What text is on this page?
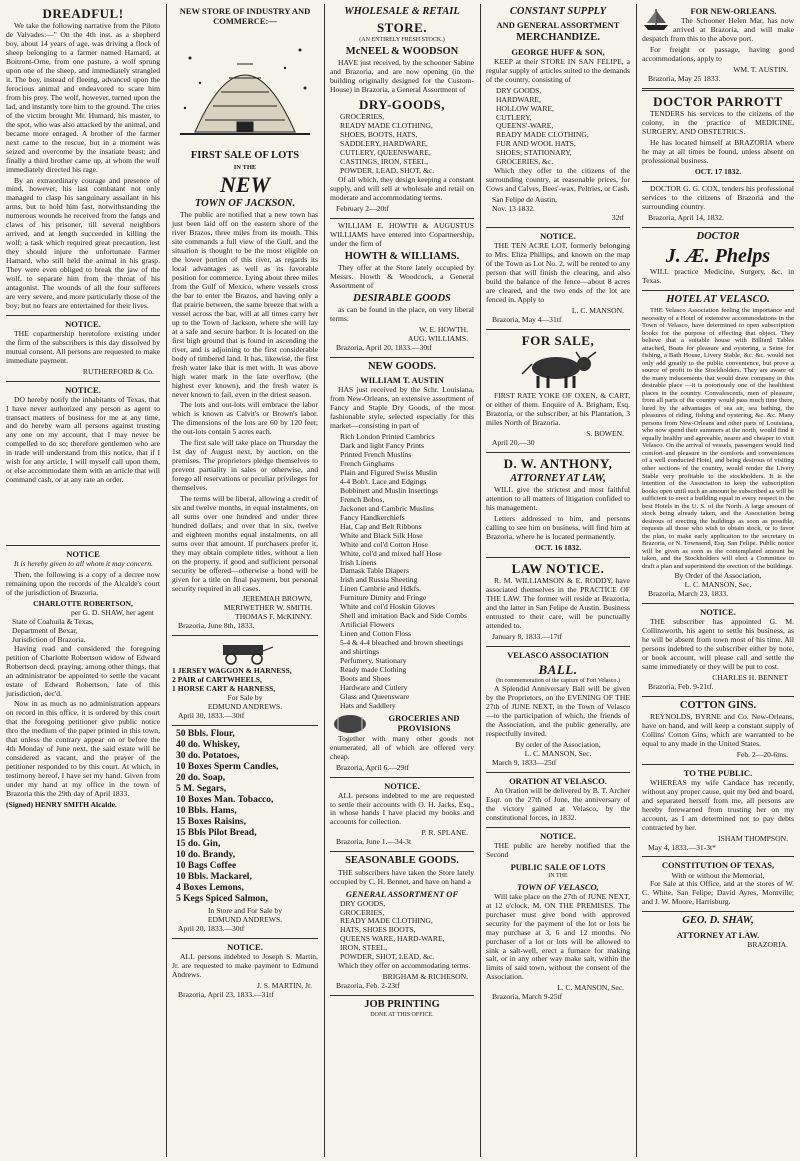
DREADFUL!

We take the following narrative from the Piloto de Valvades:—" On the 4th inst. as a shepherd boy, about 14 years of age, was driving a flock of sheep belonging to a farmer named Hamard, at Boitront-Orne, from one pasture, a wolf sprung upon one of the sheep, and immediately strangled it. The boy, instead of fleeing, advanced upon the ferocious animal and endeavored to scare him from his prey. The wolf, however, turned upon the lad, and instantly tore him to the ground. The cries of the victim brought Mr. Humard, his master, to the spot, who was also attacked by the animal, and became more enraged. A brother of the farmer next came to the rescue, but in a moment was seized and overcome by the insatiate beast; and finally a third brother came up, at whom the wolf immediately directed his rage.

By an extraordinary courage and presence of mind, however, his last combatant not only managed to clasp his sanguinary assailant in his arms, but to hold him fast, notwithstanding the numerous wounds he received from the fangs and claws of his prisoner, till several neighbors arrived, and at length succeeded in killing the wolf; a task which required great precaution, lest they should injure the unfortunate Farmer Hamard, who still held the animal in his grasp. They were even obliged to break the jaw of the wolf, to separate him from the throat of his antagonist. The wounds of all the four sufferers are very severe, and more particularly those of the boy; but no fears are entertained for their lives.

NOTICE.

THE copartnership heretofore existing under the firm of the subscribers is this day dissolved by mutual consent. All persons are requested to make immediate payment.

RUTHERFORD & Co.
NOTICE.

DO hereby notify the inhabitants of Texas, that I have never authorized any person as agent to transact matters of business for me at any time, and do hereby warn all persons against trusting any one on my account, that I may never be compelled to do so; therefore gentlemen who are in trade will understand from this notice, that if I wish for any article, I will myself call upon them, or else accommodate them with an article that will command cash, or at any rate an order.

NOTICE

It is hereby given to all whom it may concern.

Then, the following is a copy of a decree now remaining upon the records of the Alcalde's court of the jurisdiction of Brazoria.

CHARLOTTE ROBERTSON,
per G. D. SHAW, her agent
State of Coahuila & Texas,
Department of Bexar,
Jurisdiction of Brazoria.

Having read and considered the foregoing petition of Charlotte Robertson widow of Edward Robertson decd. praying, among other things, that an administrator be appointed to settle the vacant estate of Edward Robertson, late of this jurisdiction, dec'd.

Now in as much as no administration appears on record in this office, it is ordered by this court that the foregoing petitioner give public notice thro the medium of the paper printed in this town, that unless the contrary appear on or before the 4th Monday of June next, the said estate will be considered as vacant, and the prayer of the petitioner responded to by this court. At which, in testimony hereof, I have set my hand. Given from under my hand at my office in the town of Brazoria this the 29th day of April 1833.

(Signed) HENRY SMITH Alcalde.
NEW STORE OF INDUSTRY AND COMMERCE:—
FIRST SALE OF LOTS
IN THE
NEW
TOWN OF JACKSON.

The public are notified that a new town has just been laid off on the eastern shore of the river Brazos, three miles from its mouth. This site commands a full view of the Gulf, and the situation is thought to be the most eligible on the lower portion of this river, as regards its local advantages as well as its favorable position for commerce. Lying about three miles from the Gulf of Mexico, where vessels cross the bar to enter the Brazos, and having only a flat prairie between, the same breeze that with a vessel across the bar, will at all times carry her up to the Town of Jackson, where she will lay at a safe and secure harbor. It is located on the first high ground that is found in ascending the river, and is adjoining to the first considerable body of timbered land. It has, likewise, the first fresh water lake that is met with. It was above high water mark in the late overflow, (the highest ever known), and the fresh water is never known to fail, even in the driest season.

The lots and out-lots will embrace the labor which is known as Calvit's or Brown's labor. The dimensions of the lots are 60 by 120 feet; the out-lots contain 5 acres each.

The first sale will take place on Thursday the 1st day of August next, by auction, on the premises. The proprietors pledge themselves to prevent partiality in sales or otherwise, and forego all reservations or peculiar privileges for themselves.

The terms will be liberal, allowing a credit of six and twelve months, in equal instalments, on all sums over one hundred and under three hundred dollars; and over that in six, twelve and eighteen months equal instalments, on all sums over that amount. If purchasers prefer it, they may obtain complete titles, without a lien on the property, if good and sufficient personal security be offered—otherwise a bond will be given for a title on final payment, but personal security required in all cases.

JEREMIAH BROWN,
MERIWETHER W. SMITH.
THOMAS F. McKINNY.
Brazoria, June 8th, 1833.
1 JERSEY WAGGON & HARNESS,
2 PAIR of CARTWHEELS,
1 HORSE CART & HARNESS,
For Sale by
EDMUND ANDREWS.
April 30, 1833.—30tf
50 Bbls. Flour,
40 do. Whiskey,
30 do. Potatoes,
10 Boxes Sperm Candles,
20 do. Soap,
5 M. Segars,
10 Boxes Man. Tobacco,
10 Bbls. Hams,
15 Boxes Raisins,
15 Bbls Pilot Bread,
15 do. Gin,
10 do. Brandy,
10 Bags Coffee
10 Bbls. Mackarel,
4 Boxes Lemons,
5 Kegs Spiced Salmon,
In Store and For Sale by
EDMUND ANDREWS.
April 20, 1833.—30tf
NOTICE.

ALL persons indebted to Joseph S. Martin, Jr. are requested to make payment to Edmund Andrews.

J. S. MARTIN, Jr.
Brazoria, April 23, 1833.—31tf
WHOLESALE & RETAIL
STORE.
(AN ENTIRELY FRESH STOCK.)
McNEEL & WOODSON

HAVE just received, by the schooner Sabine and Brazoria, and are now opening (in the building originally designed for the Custom-House) in Brazoria, a General Assortment of

DRY-GOODS,
GROCERIES,
READY MADE CLOTHING,
SHOES, BOOTS, HATS,
SADDLERY, HARDWARE,
CUTLERY, QUEENSWARE,
CASTINGS, IRON, STEEL,
POWDER, LEAD, SHOT, &c.

Of all which, they design keeping a constant supply, and will sell at wholesale and retail on moderate and accommodating terms.

February 2—20tf

WILLIAM E. HOWTH & AUGUSTUS WILLIAMS have entered into Copartnership, under the firm of

HOWTH & WILLIAMS.

They offer at the Store lately occupied by Messrs. Howth & Woodcock, a General Assortment of

DESIRABLE GOODS

as can be found in the place, on very liberal terms.

W. E. HOWTH.
AUG. WILLIAMS.
Brazoria, April 20, 1833.—30tf
NEW GOODS.
WILLIAM T. AUSTIN

HAS just received by the Schr. Louisiana, from New-Orleans, an extensive assortment of Fancy and Staple Dry Goods, of the most fashionable style, selected especially for this market—consisting in part of

Rich London Printed Cambrics
Dark and light Fancy Prints
Printed French Muslins
French Ginghams
Plain and Figured Swiss Muslin
4-4 Bob't. Lace and Edgings
Bobbinett and Muslin Insertings
French Bobos,
Jackonet and Cambric Muslins
Fancy Handkerchiefs
Hat, Cap and Belt Ribbons
White and Black Silk Hose
White and col'd Cotton Hose
White, col'd and mixed half Hose
Irish Linens
Damask Table Diapers
Irish and Russia Sheeting
Linen Cambrie and Hdkfs.
Furniture Dimity and Fringe
White and col'd Hoskin Gloves
Shell and imitation Back and Side Combs
Artificial Flowers
Linen and Cotton Floss
5-4 & 4-4 bleached and brown sheetings and shirtings
Perfumery, Stationary
Ready made Clothing
Boots and Shoes
Hardware and Cutlery
Glass and Queensware
Hats and Saddlery
GROCERIES AND PROVISIONS

Together with many other goods not enumerated, all of which are offered very cheap.

Brazoria, April 6.—29tf
NOTICE.

ALL persons indebted to me are requested to settle their accounts with O. H. Jacks, Esq., in whose hands I have placed my books and accounts for collection.

P. R. SPLANE.
Brazoria, June 1.—34-3t
SEASONABLE GOODS.

THE subscribers have taken the Store lately occupied by C. H. Bennet, and have on hand a

GENERAL ASSORTMENT OF
DRY GOODS,
GROCERIES,
READY MADE CLOTHING,
HATS, SHOES BOOTS,
QUEENS WARE, HARD-WARE,
IRON, STEEL,
POWDER, SHOT, LEAD, &c.

Which they offer on accommodating terms.

BRIGHAM & RICHESON.
Brazoria, Feb. 2-23tf
JOB PRINTING
DONE AT THIS OFFICE.
CONSTANT SUPPLY
AND GENERAL ASSORTMENT
MERCHANDIZE.
GEORGE HUFF & SON,

KEEP at their STORE IN SAN FELIPE, a regular supply of articles suited to the demands of the country, consisting of

DRY GOODS,
HARDWARE,
HOLLOW WARE,
CUTLERY,
QUEENS'-WARE,
READY MADE CLOTHING,
FUR AND WOOL HATS,
SHOES; STATIONARY,
GROCERIES, &c.

Which they offer to the citizens of the surrounding country, at reasonable prices, for Cows and Calves, Bees'-wax, Peltries, or Cash.

San Felipe de Austin,
Nov. 13 1832.
32tf
NOTICE.

THE TEN ACRE LOT, formerly belonging to Mrs. Eliza Phillips, and known on the map of the Town as Lot No. 2, will be rented to any person that will finish the clearing, and also build the balance of the fence—about 8 acres are cleared, and the two ends of the lot are fenced in. Apply to

L. C. MANSON.
Brazoria, May 4—31tf
FOR SALE,

FIRST RATE YOKE OF OXEN, & CART, or either of them. Enquire of A. Brigham, Esq. Brazoria, or the subscriber, at his Plantation, 3 miles North of Brazoria.

S. BOWEN.
April 20.—30
D. W. ANTHONY,
ATTORNEY AT LAW,

WILL give the strictest and most faithful attention to all matters of litigation confided to his management.

Letters addressed to him, and persons calling to see him on business, will find him at Brazoria, where he is located permanently.

OCT. 16 1832.
LAW NOTICE.

R. M. WILLIAMSON & E. RODDY, have associated themselves in the PRACTICE OF THE LAW. The former will reside at Brazoria, and the latter in San Felipe de Austin. Business entrusted to their care, will be punctually attended to.

January 8, 1833.—17tf
VELASCO ASSOCIATION
BALL.
(In commemoration of the capture of Fort Velasco.)

A Splendid Anniversary Ball will be given by the Proprietors, on the EVENING OF THE 27th of JUNE NEXT, in the Town of Velasco—to the participation of which, the friends of the Association, and the public generally, are respectfully invited.

By order of the Association,
L. C. MANSON, Sec.
March 9, 1833—25tf
ORATION AT VELASCO.

An Oration will be delivered by B. T. Archer Esqr. on the 27th of June, the anniversary of the victory gained at Velasco, by the constitutional forces, in 1832.

NOTICE.

THE public are hereby notified that the Second

PUBLIC SALE OF LOTS
IN THE
TOWN OF VELASCO,

Will take place on the 27th of JUNE NEXT, at 12 o'clock, M. ON THE PREMISES. The purchaser must give bond with approved security for the payment of the lot or lots he may purchase at 3, 6 and 12 months. No purchaser of a lot or lots will be allowed to sink a salt-well, erect a furnace for making salt, or in any other way make salt, within the limits of said town, without the consent of the Association.

L. C. MANSON, Sec.
Brazoria, March 9-25tf
FOR NEW-ORLEANS.

The Schooner Helen Mar, has now arrived at Brazoria, and will make despatch from this to the above port.

For freight or passage, having good accommodations, apply to

WM. T. AUSTIN.
Brazoria, May 25 1833.
DOCTOR PARROTT

TENDERS his services to the citizens of the colony, in the practice of MEDICINE, SURGERY, AND OBSTETRICS.

He has located himself at BRAZORIA where he may at all times be found, unless absent on professional business.

OCT. 17 1832.

DOCTOR G. G. COX, tenders his professional services to the citizens of Brazoria and the surrounding country.

Brazoria, April 14, 1832.
DOCTOR
J. Æ. Phelps

WILL practice Medicine, Surgery, &c. in Texas.

HOTEL AT VELASCO.

THE Velasco Association feeling the importance and necessity of a Hotel of extensive accommodations in the Town of Velasco, have determined to open subscription books for the purpose of effecting that object. They believe that a suitable house with Billiard Tables attached, Boats for pleasure and oystering, a Seine for fishing, a Bath House, Livery Stable, &c. &c. would not only add greatly to the public convenience, but prove a source of profit to the Stockholders. They are aware of the many inducements that would draw company to this desirable place —it is notoriously one of the healthiest places in the country. Convalescents, men of pleasure, from all parts of the country would pass much time there, lured by the advantages of sea air, sea bathing, the pleasures of riding, fishing and oystering, &c. &c. Many persons from New-Orleans and other parts of Louisiana, who now spend their summers at the north, would find it equally healthy and agreeable, nearer and cheaper to visit Velasco. On the arrival of vessels, passengers would find comfort and pleasure in the comforts and conveniences of a well conducted Hotel, and being desirous of visiting other sections of the country, would render the Livery Stable very profitable to the stockholders. It is the intention of the Association to keep the subscription books open until such an amount be subscribed as will be sufficient to erect a building equal in every respect to the best Hotels in the U. S. of the North. A large amount of stock being already taken, and the Association being desirous of erecting the buildings as soon as possible, requests all those who wish to obtain stock, or to favor the plan, to make early application to the secretary in Brazoria, or N. Townsend, Esq. San Felipe. Public notice will be given as soon as the contemplated amount be taken, and the Stockholders will elect a Committee to draft a plan and superintend the erection of the buildings.

By Order of the Association,
L. C. MANSON, Sec.
Brazoria, March 23, 1833.
NOTICE.

THE subscriber has appointed G. M. Collinsworth, his agent to settle his business, as he will be absent from town most of his time. All persons indebted to the subscriber either by note, or book account, will please call and settle the same immediately or they will be put to cost.

CHARLES H. BENNET
Brazoria, Feb. 9-21tf.
COTTON GINS.

REYNOLDS, BYRNE and Co. New-Orleans, have on hand, and will keep a constant supply of Collins' Cotton Gins, which are warranted to be equal to any made in the United States.

Feb. 2—20-6ms.
TO THE PUBLIC.

WHEREAS my wife Candace has recently, without any proper cause, quit my bed and board, and separated herself from me, all persons are hereby forewarned from trusting her on my account, as I am determined not to pay debts contracted by her.

ISHAM THOMPSON.
May 4, 1833.—31-3t*
CONSTITUTION OF TEXAS,
With or without the Memorial,

For Sale at this Office, and at the stores of W. C. White, San Felipe; David Ayres, Montville; and J. W. Moore, Harrisburg.

GEO. D. SHAW,
ATTORNEY AT LAW.
BRAZORIA.
